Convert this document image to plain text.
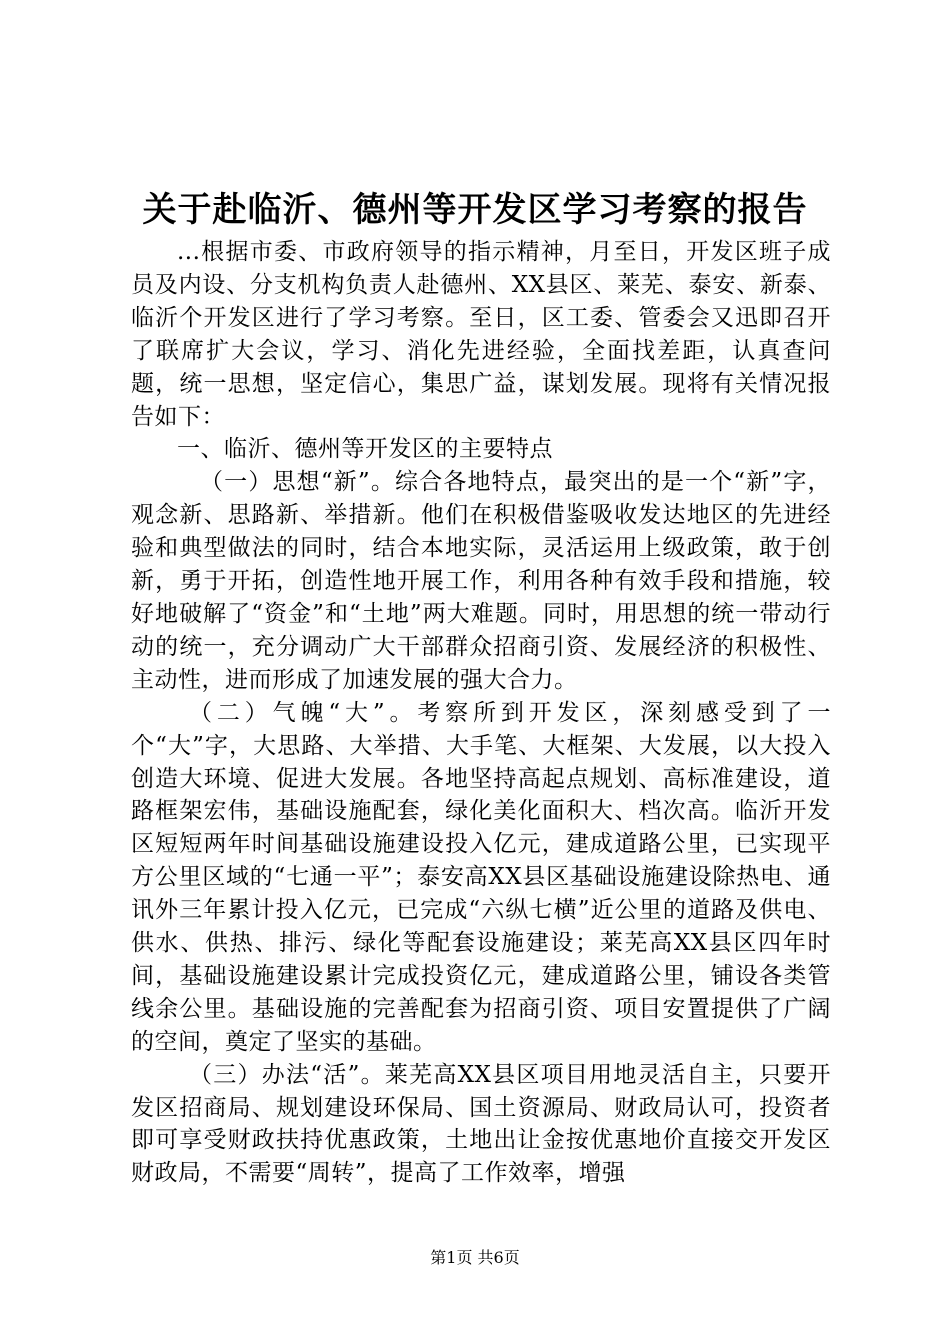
关于赴临沂、德州等开发区学习考察的报告

...根据市委、市政府领导的指示精神，月至日，开发区班子成员及内设、分支机构负责人赴德州、XX县区、莱芜、泰安、新泰、临沂个开发区进行了学习考察。至日，区工委、管委会又迅即召开了联席扩大会议，学习、消化先进经验，全面找差距，认真查问题，统一思想，坚定信心，集思广益，谋划发展。现将有关情况报告如下：

一、临沂、德州等开发区的主要特点

（一）思想“新”。综合各地特点，最突出的是一个“新”字，观念新、思路新、举措新。他们在积极借鉴吸收发达地区的先进经验和典型做法的同时，结合本地实际，灵活运用上级政策，敢于创新，勇于开拓，创造性地开展工作，利用各种有效手段和措施，较好地破解了“资金”和“土地”两大难题。同时，用思想的统一带动行动的统一，充分调动广大干部群众招商引资、发展经济的积极性、主动性，进而形成了加速发展的强大合力。

（二）气魄“大”。考察所到开发区，深刻感受到了一个“大”字，大思路、大举措、大手笔、大框架、大发展，以大投入创造大环境、促进大发展。各地坚持高起点规划、高标准建设，道路框架宏伟，基础设施配套，绿化美化面积大、档次高。临沂开发区短短两年时间基础设施建设投入亿元，建成道路公里，已实现平方公里区域的“七通一平”；泰安高XX县区基础设施建设除热电、通讯外三年累计投入亿元，已完成“六纵七横”近公里的道路及供电、供水、供热、排污、绿化等配套设施建设；莱芜高XX县区四年时间，基础设施建设累计完成投资亿元，建成道路公里，铺设各类管线余公里。基础设施的完善配套为招商引资、项目安置提供了广阔的空间，奠定了坚实的基础。

（三）办法“活”。莱芜高XX县区项目用地灵活自主，只要开发区招商局、规划建设环保局、国土资源局、财政局认可，投资者即可享受财政扶持优惠政策，土地出让金按优惠地价直接交开发区财政局，不需要“周转”，提高了工作效率，增强

第1页 共6页
